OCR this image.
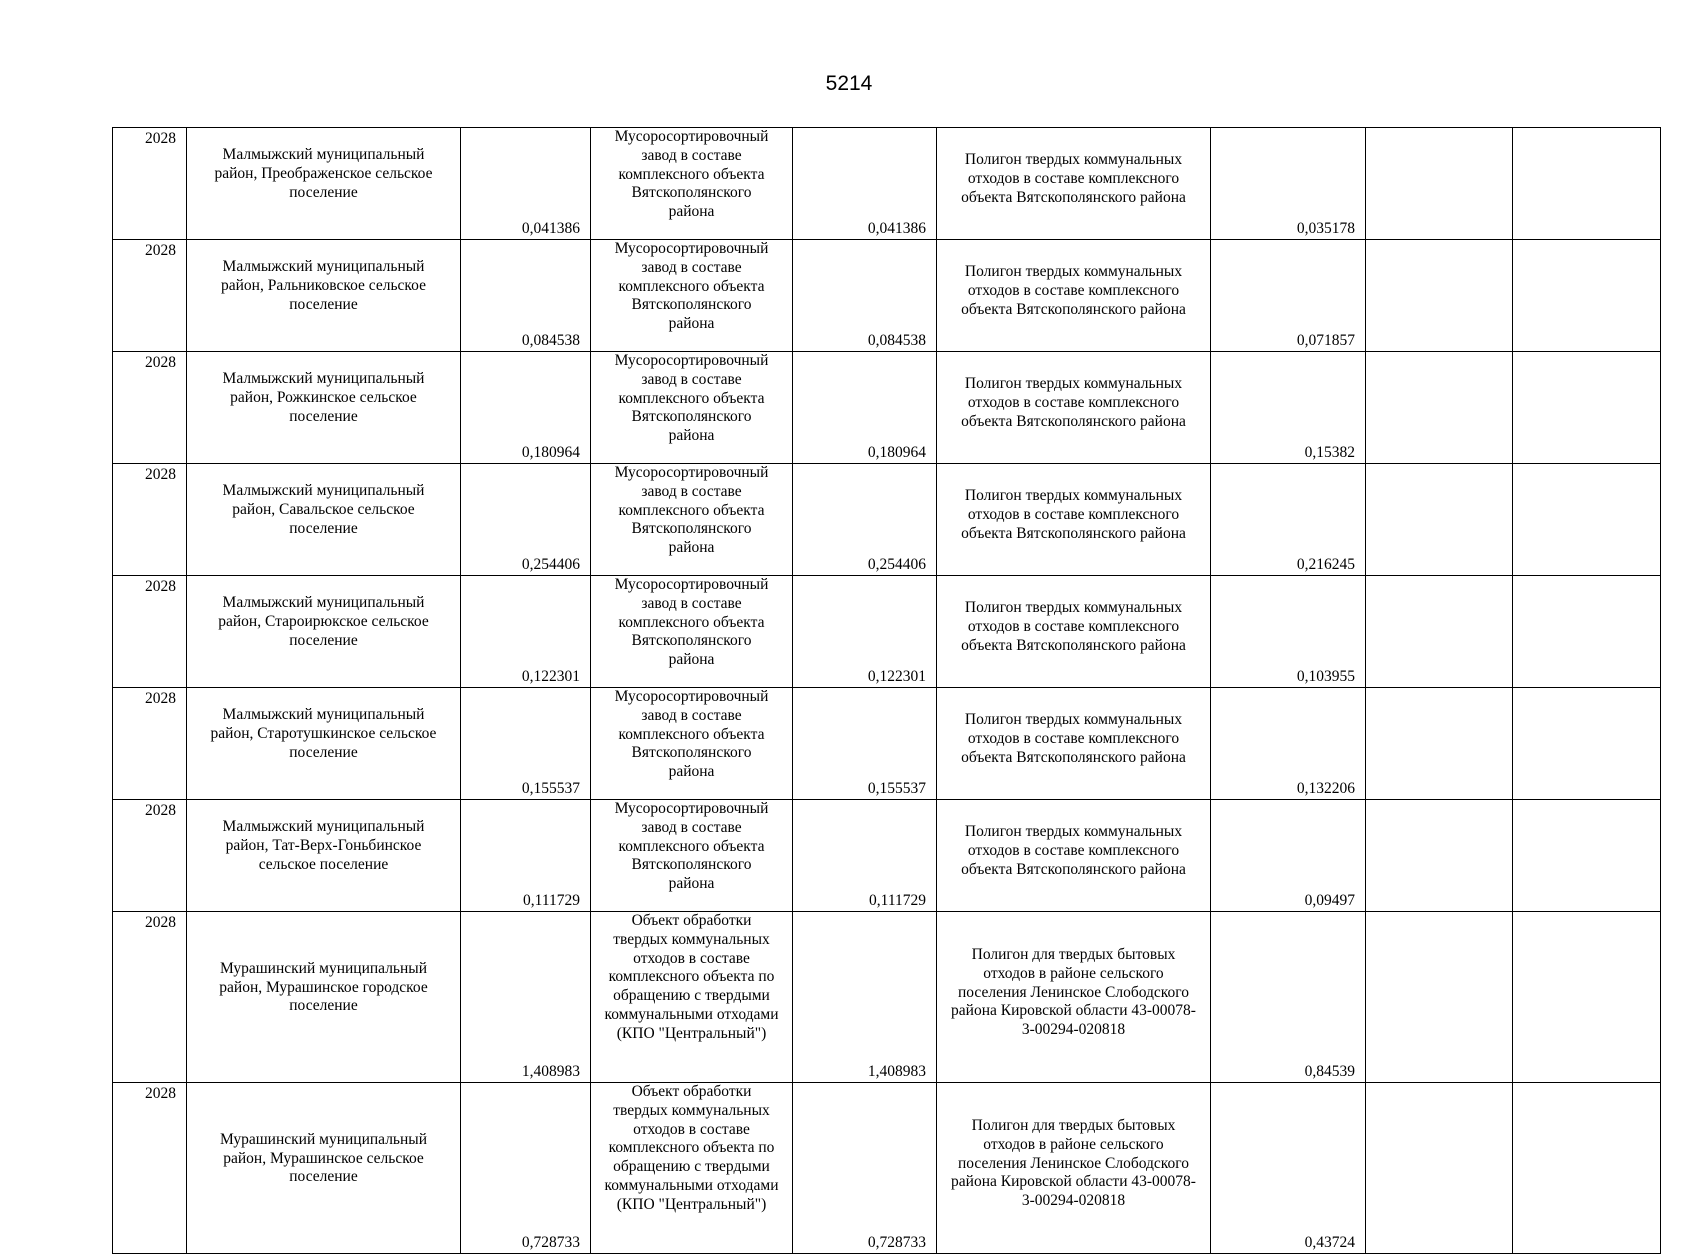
5214
2028	Малмыжский муниципальный район, Преображенское сельское поселение	0,041386	Мусоросортировочный завод в составе комплексного объекта Вятскополянского района	0,041386	Полигон твердых коммунальных отходов в составе комплексного объекта Вятскополянского района	0,035178		
2028	Малмыжский муниципальный район, Ральниковское сельское поселение	0,084538	Мусоросортировочный завод в составе комплексного объекта Вятскополянского района	0,084538	Полигон твердых коммунальных отходов в составе комплексного объекта Вятскополянского района	0,071857		
2028	Малмыжский муниципальный район, Рожкинское сельское поселение	0,180964	Мусоросортировочный завод в составе комплексного объекта Вятскополянского района	0,180964	Полигон твердых коммунальных отходов в составе комплексного объекта Вятскополянского района	0,15382		
2028	Малмыжский муниципальный район, Савальское сельское поселение	0,254406	Мусоросортировочный завод в составе комплексного объекта Вятскополянского района	0,254406	Полигон твердых коммунальных отходов в составе комплексного объекта Вятскополянского района	0,216245		
2028	Малмыжский муниципальный район, Староирюкское сельское поселение	0,122301	Мусоросортировочный завод в составе комплексного объекта Вятскополянского района	0,122301	Полигон твердых коммунальных отходов в составе комплексного объекта Вятскополянского района	0,103955		
2028	Малмыжский муниципальный район, Старотушкинское сельское поселение	0,155537	Мусоросортировочный завод в составе комплексного объекта Вятскополянского района	0,155537	Полигон твердых коммунальных отходов в составе комплексного объекта Вятскополянского района	0,132206		
2028	Малмыжский муниципальный район, Тат-Верх-Гоньбинское сельское поселение	0,111729	Мусоросортировочный завод в составе комплексного объекта Вятскополянского района	0,111729	Полигон твердых коммунальных отходов в составе комплексного объекта Вятскополянского района	0,09497		
2028	Мурашинский муниципальный район, Мурашинское городское поселение	1,408983	Объект обработки твердых коммунальных отходов в составе комплексного объекта по обращению с твердыми коммунальными отходами (КПО "Центральный")	1,408983	Полигон для твердых бытовых отходов в районе сельского поселения Ленинское Слободского района Кировской области 43-00078-3-00294-020818	0,84539		
2028	Мурашинский муниципальный район, Мурашинское сельское поселение	0,728733	Объект обработки твердых коммунальных отходов в составе комплексного объекта по обращению с твердыми коммунальными отходами (КПО "Центральный")	0,728733	Полигон для твердых бытовых отходов в районе сельского поселения Ленинское Слободского района Кировской области 43-00078-3-00294-020818	0,43724		
